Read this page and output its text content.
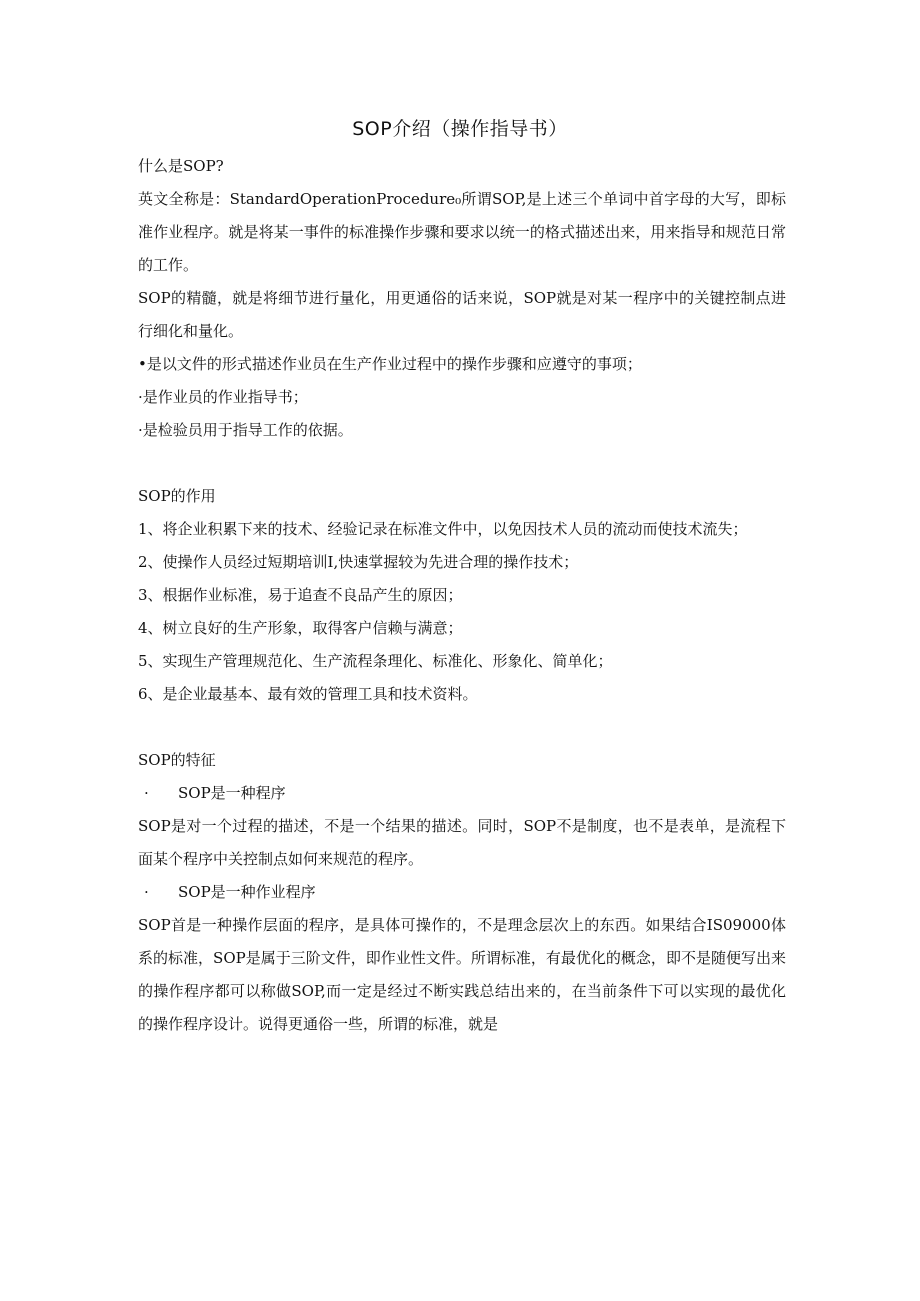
SOP介绍（操作指导书）

什么是SOP?

英文全称是：StandardOperationProcedure₀所谓SOP,是上述三个单词中首字母的大写，即标准作业程序。就是将某一事件的标准操作步骤和要求以统一的格式描述出来，用来指导和规范日常的工作。

SOP的精髓，就是将细节进行量化，用更通俗的话来说，SOP就是对某一程序中的关键控制点进行细化和量化。

•是以文件的形式描述作业员在生产作业过程中的操作步骤和应遵守的事项；

·是作业员的作业指导书；

·是检验员用于指导工作的依据。

SOP的作用

1、将企业积累下来的技术、经验记录在标准文件中，以免因技术人员的流动而使技术流失；

2、使操作人员经过短期培训I,快速掌握较为先进合理的操作技术；

3、根据作业标准，易于追查不良品产生的原因；

4、树立良好的生产形象，取得客户信赖与满意；

5、实现生产管理规范化、生产流程条理化、标准化、形象化、简单化；

6、是企业最基本、最有效的管理工具和技术资料。

SOP的特征

·	SOP是一种程序

SOP是对一个过程的描述，不是一个结果的描述。同时，SOP不是制度，也不是表单，是流程下面某个程序中关控制点如何来规范的程序。

·	SOP是一种作业程序

SOP首是一种操作层面的程序，是具体可操作的，不是理念层次上的东西。如果结合IS09000体系的标准，SOP是属于三阶文件，即作业性文件。所谓标准，有最优化的概念，即不是随便写出来的操作程序都可以称做SOP,而一定是经过不断实践总结出来的，在当前条件下可以实现的最优化的操作程序设计。说得更通俗一些，所谓的标准，就是
